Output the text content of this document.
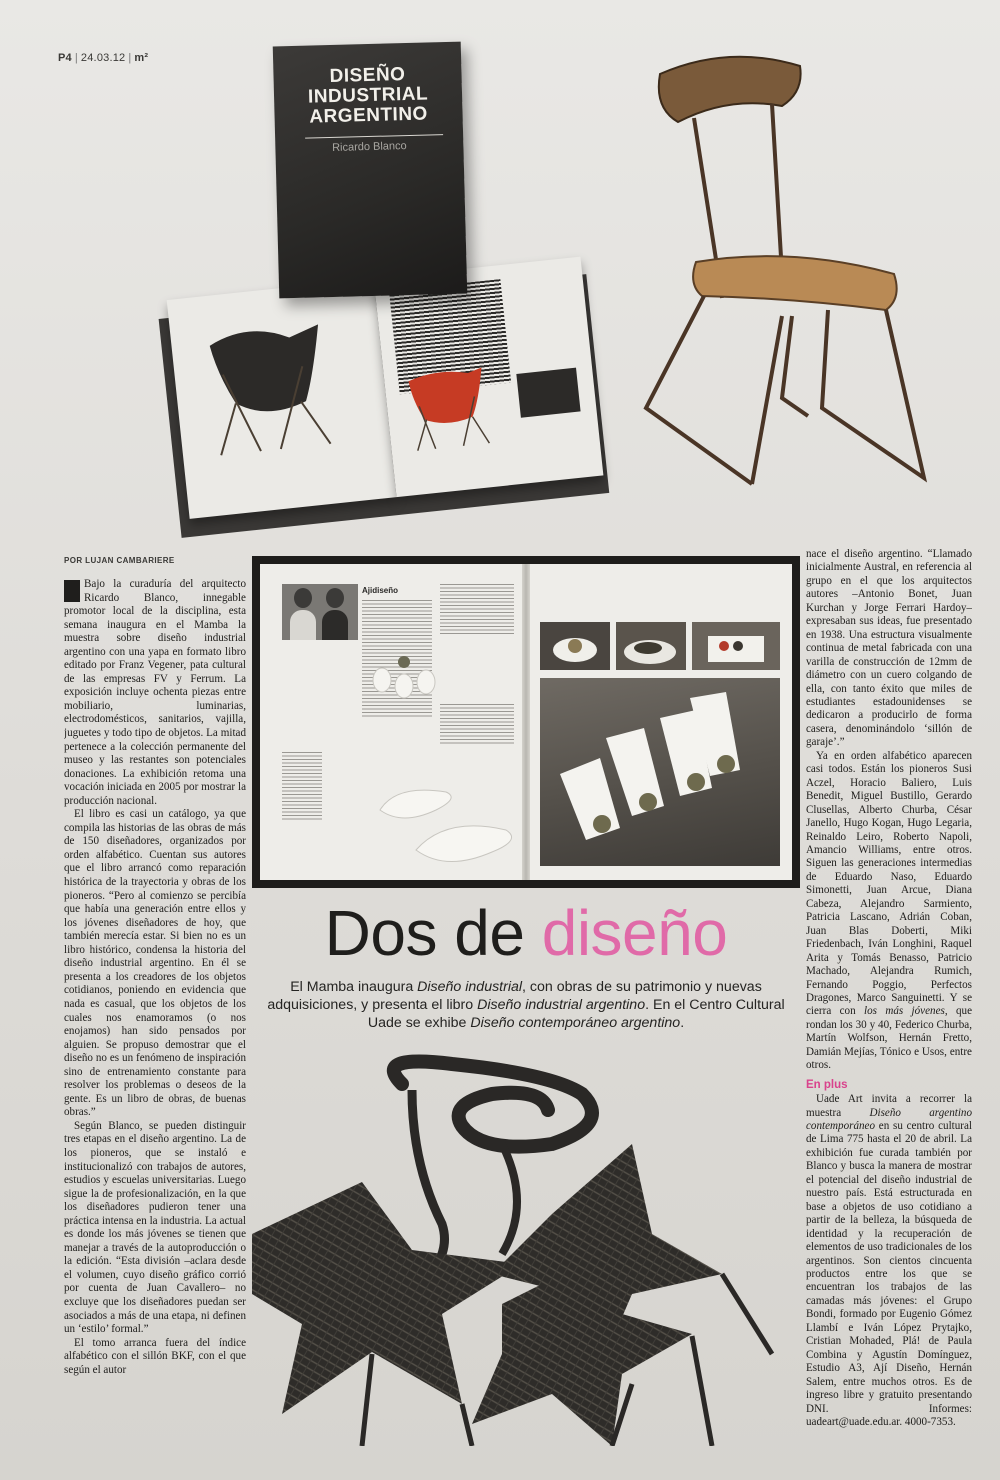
P4 | 24.03.12 | m²
DISEÑO
INDUSTRIAL
ARGENTINO
Ricardo Blanco
POR LUJAN CAMBARIERE

Bajo la curaduría del arquitecto Ricardo Blanco, innegable promotor local de la disciplina, esta semana inaugura en el Mamba la muestra sobre diseño industrial argentino con una yapa en formato libro editado por Franz Vegener, pata cultural de las empresas FV y Ferrum. La exposición incluye ochenta piezas entre mobiliario, luminarias, electrodomésticos, sanitarios, vajilla, juguetes y todo tipo de objetos. La mitad pertenece a la colección permanente del museo y las restantes son potenciales donaciones. La exhibición retoma una vocación iniciada en 2005 por mostrar la producción nacional.

El libro es casi un catálogo, ya que compila las historias de las obras de más de 150 diseñadores, organizados por orden alfabético. Cuentan sus autores que el libro arrancó como reparación histórica de la trayectoria y obras de los pioneros. “Pero al comienzo se percibía que había una generación entre ellos y los jóvenes diseñadores de hoy, que también merecía estar. Si bien no es un libro histórico, condensa la historia del diseño industrial argentino. En él se presenta a los creadores de los objetos cotidianos, poniendo en evidencia que nada es casual, que los objetos de los cuales nos enamoramos (o nos enojamos) han sido pensados por alguien. Se propuso demostrar que el diseño no es un fenómeno de inspiración sino de entrenamiento constante para resolver los problemas o deseos de la gente. Es un libro de obras, de buenas obras.”

Según Blanco, se pueden distinguir tres etapas en el diseño argentino. La de los pioneros, que se instaló e institucionalizó con trabajos de autores, estudios y escuelas universitarias. Luego sigue la de profesionalización, en la que los diseñadores pudieron tener una práctica intensa en la industria. La actual es donde los más jóvenes se tienen que manejar a través de la autoproducción o la edición. “Esta división –aclara desde el volumen, cuyo diseño gráfico corrió por cuenta de Juan Cavallero– no excluye que los diseñadores puedan ser asociados a más de una etapa, ni definen un ‘estilo’ formal.”

El tomo arranca fuera del índice alfabético con el sillón BKF, con el que según el autor

Ajidiseño
Dos de diseño
El Mamba inaugura Diseño industrial, con obras de su patrimonio y nuevas adquisiciones, y presenta el libro Diseño industrial argentino. En el Centro Cultural Uade se exhibe Diseño contemporáneo argentino.

nace el diseño argentino. “Llamado inicialmente Austral, en referencia al grupo en el que los arquitectos autores –Antonio Bonet, Juan Kurchan y Jorge Ferrari Hardoy– expresaban sus ideas, fue presentado en 1938. Una estructura visualmente continua de metal fabricada con una varilla de construcción de 12mm de diámetro con un cuero colgando de ella, con tanto éxito que miles de estudiantes estadounidenses se dedicaron a producirlo de forma casera, denominándolo ‘sillón de garaje’.”

Ya en orden alfabético aparecen casi todos. Están los pioneros Susi Aczel, Horacio Baliero, Luis Benedit, Miguel Bustillo, Gerardo Clusellas, Alberto Churba, César Janello, Hugo Kogan, Hugo Legaria, Reinaldo Leiro, Roberto Napoli, Amancio Williams, entre otros. Siguen las generaciones intermedias de Eduardo Naso, Eduardo Simonetti, Juan Arcue, Diana Cabeza, Alejandro Sarmiento, Patricia Lascano, Adrián Coban, Juan Blas Doberti, Miki Friedenbach, Iván Longhini, Raquel Arita y Tomás Benasso, Patricio Machado, Alejandra Rumich, Fernando Poggio, Perfectos Dragones, Marco Sanguinetti. Y se cierra con los más jóvenes, que rondan los 30 y 40, Federico Churba, Martín Wolfson, Hernán Fretto, Damián Mejías, Tónico e Usos, entre otros.

En plus

Uade Art invita a recorrer la muestra Diseño argentino contemporáneo en su centro cultural de Lima 775 hasta el 20 de abril. La exhibición fue curada también por Blanco y busca la manera de mostrar el potencial del diseño industrial de nuestro país. Está estructurada en base a objetos de uso cotidiano a partir de la belleza, la búsqueda de identidad y la recuperación de elementos de uso tradicionales de los argentinos. Son cientos cincuenta productos entre los que se encuentran los trabajos de las camadas más jóvenes: el Grupo Bondi, formado por Eugenio Gómez Llambí e Iván López Prytajko, Cristian Mohaded, Plá! de Paula Combina y Agustín Domínguez, Estudio A3, Ají Diseño, Hernán Salem, entre muchos otros. Es de ingreso libre y gratuito presentando DNI. Informes: uadeart@uade.edu.ar. 4000-7353.
